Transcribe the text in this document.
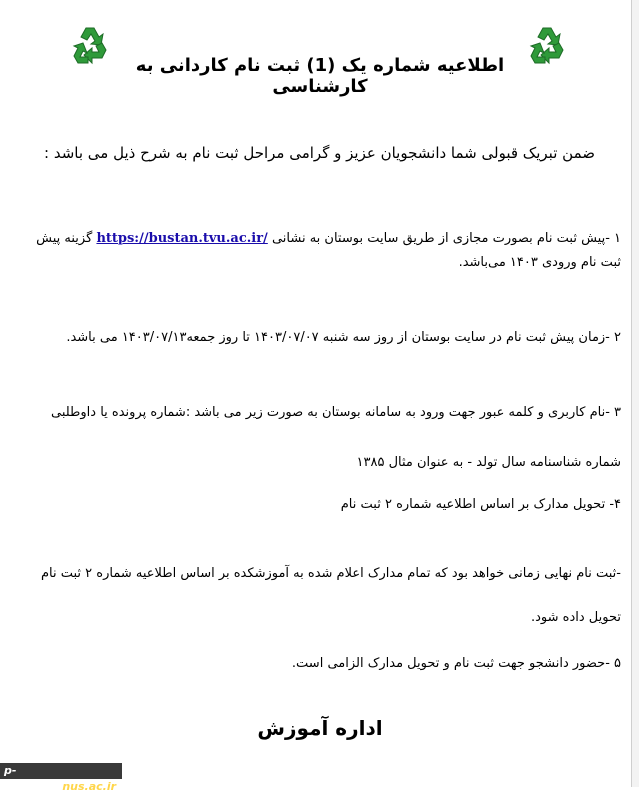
اطلاعیه شماره یک (1) ثبت نام کاردانی به کارشناسی
ضمن تبریک قبولی شما دانشجویان عزیز و گرامی مراحل ثبت نام به شرح ذیل می باشد :
۱ -پیش ثبت نام بصورت مجازی از طریق سایت بوستان به نشانی https://bustan.tvu.ac.ir/ گزینه پیش ثبت نام ورودی ۱۴۰۳ می‌باشد.
۲ -زمان پیش ثبت نام در سایت بوستان از روز سه شنبه ۱۴۰۳/۰۷/۰۷ تا روز جمعه۱۴۰۳/۰۷/۱۳ می باشد.
۳ -نام کاربری و کلمه عبور جهت ورود به سامانه بوستان به صورت زیر می باشد :شماره پرونده یا داوطلبی شماره شناسنامه سال تولد - به عنوان مثال ۱۳۸۵
۴- تحویل مدارک بر اساس اطلاعیه شماره ۲ ثبت نام
-ثبت نام نهایی زمانی خواهد بود که تمام مدارک اعلام شده به آموزشکده بر اساس اطلاعیه شماره ۲ ثبت نام تحویل داده شود.
۵ -حضور دانشجو جهت ثبت نام و تحویل مدارک الزامی است.
اداره آموزش
p-sabzevar.nus.ac.ir
